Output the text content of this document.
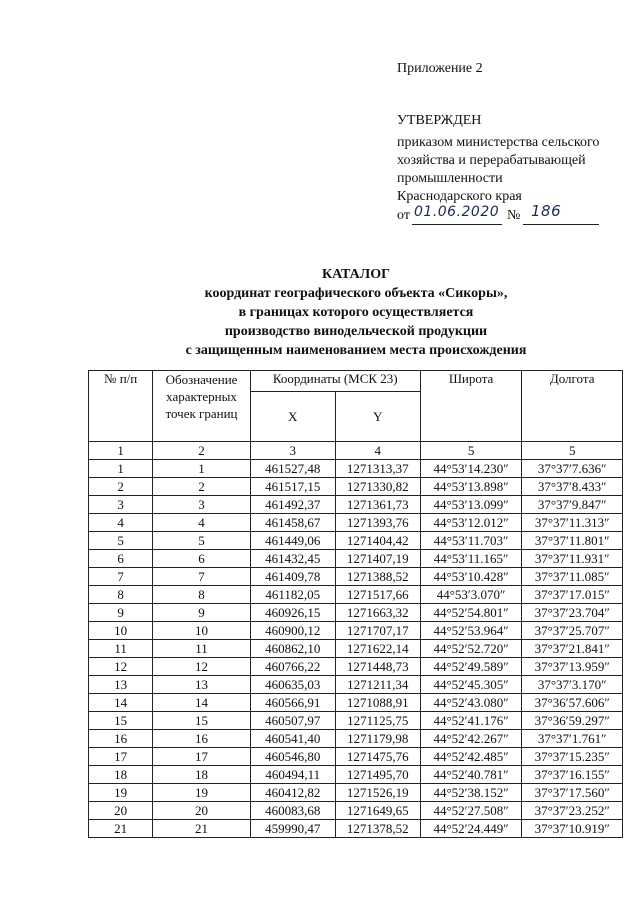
Приложение 2
УТВЕРЖДЕН
приказом министерства сельского
хозяйства и перерабатывающей
промышленности
Краснодарского края
от 01.06.2020 № 186
КАТАЛОГ
координат географического объекта «Сикоры»,
в границах которого осуществляется
производство винодельческой продукции
с защищенным наименованием места происхождения
№ п/п	Обозначение характерных точек границ	Координаты (МСК 23)		Широта	Долгота
		X	Y		
1	2	3	4	5	5
1	1	461527,48	1271313,37	44°53′14.230″	37°37′7.636″
2	2	461517,15	1271330,82	44°53′13.898″	37°37′8.433″
3	3	461492,37	1271361,73	44°53′13.099″	37°37′9.847″
4	4	461458,67	1271393,76	44°53′12.012″	37°37′11.313″
5	5	461449,06	1271404,42	44°53′11.703″	37°37′11.801″
6	6	461432,45	1271407,19	44°53′11.165″	37°37′11.931″
7	7	461409,78	1271388,52	44°53′10.428″	37°37′11.085″
8	8	461182,05	1271517,66	44°53′3.070″	37°37′17.015″
9	9	460926,15	1271663,32	44°52′54.801″	37°37′23.704″
10	10	460900,12	1271707,17	44°52′53.964″	37°37′25.707″
11	11	460862,10	1271622,14	44°52′52.720″	37°37′21.841″
12	12	460766,22	1271448,73	44°52′49.589″	37°37′13.959″
13	13	460635,03	1271211,34	44°52′45.305″	37°37′3.170″
14	14	460566,91	1271088,91	44°52′43.080″	37°36′57.606″
15	15	460507,97	1271125,75	44°52′41.176″	37°36′59.297″
16	16	460541,40	1271179,98	44°52′42.267″	37°37′1.761″
17	17	460546,80	1271475,76	44°52′42.485″	37°37′15.235″
18	18	460494,11	1271495,70	44°52′40.781″	37°37′16.155″
19	19	460412,82	1271526,19	44°52′38.152″	37°37′17.560″
20	20	460083,68	1271649,65	44°52′27.508″	37°37′23.252″
21	21	459990,47	1271378,52	44°52′24.449″	37°37′10.919″
